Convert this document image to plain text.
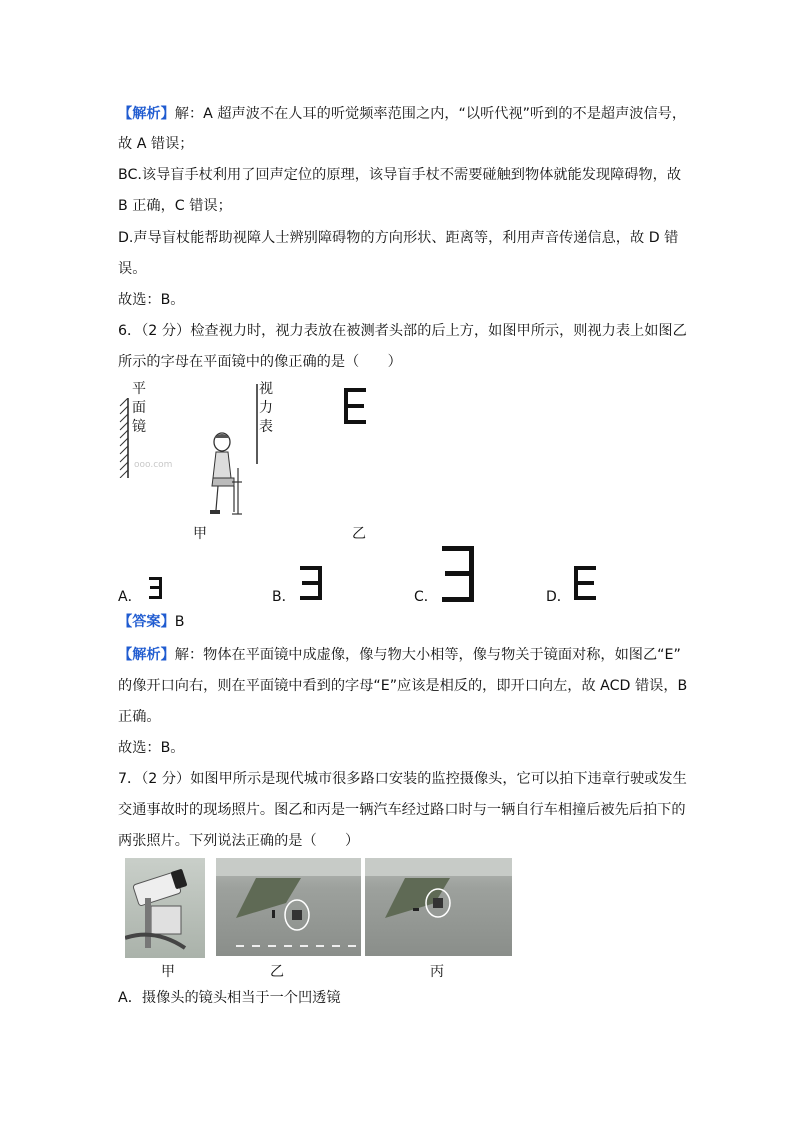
【解析】解：A 超声波不在人耳的听觉频率范围之内，“以听代视”听到的不是超声波信号，
故 A 错误；
BC.该导盲手杖利用了回声定位的原理，该导盲手杖不需要碰触到物体就能发现障碍物，故
B 正确，C 错误；
D.声导盲杖能帮助视障人士辨别障碍物的方向形状、距离等，利用声音传递信息，故 D 错
误。
故选：B。
6．（2 分）检查视力时，视力表放在被测者头部的后上方，如图甲所示，则视力表上如图乙
所示的字母在平面镜中的像正确的是（　　）
平
面
镜
ooo.com
视
力
表
甲	乙
A．	B．	C．	D．
【答案】B
【解析】解：物体在平面镜中成虚像，像与物大小相等，像与物关于镜面对称，如图乙“E”
的像开口向右，则在平面镜中看到的字母“E”应该是相反的，即开口向左，故 ACD 错误，B
正确。
故选：B。
7．（2 分）如图甲所示是现代城市很多路口安装的监控摄像头，它可以拍下违章行驶或发生
交通事故时的现场照片。图乙和丙是一辆汽车经过路口时与一辆自行车相撞后被先后拍下的
两张照片。下列说法正确的是（　　）
甲	乙	丙
A．摄像头的镜头相当于一个凹透镜
